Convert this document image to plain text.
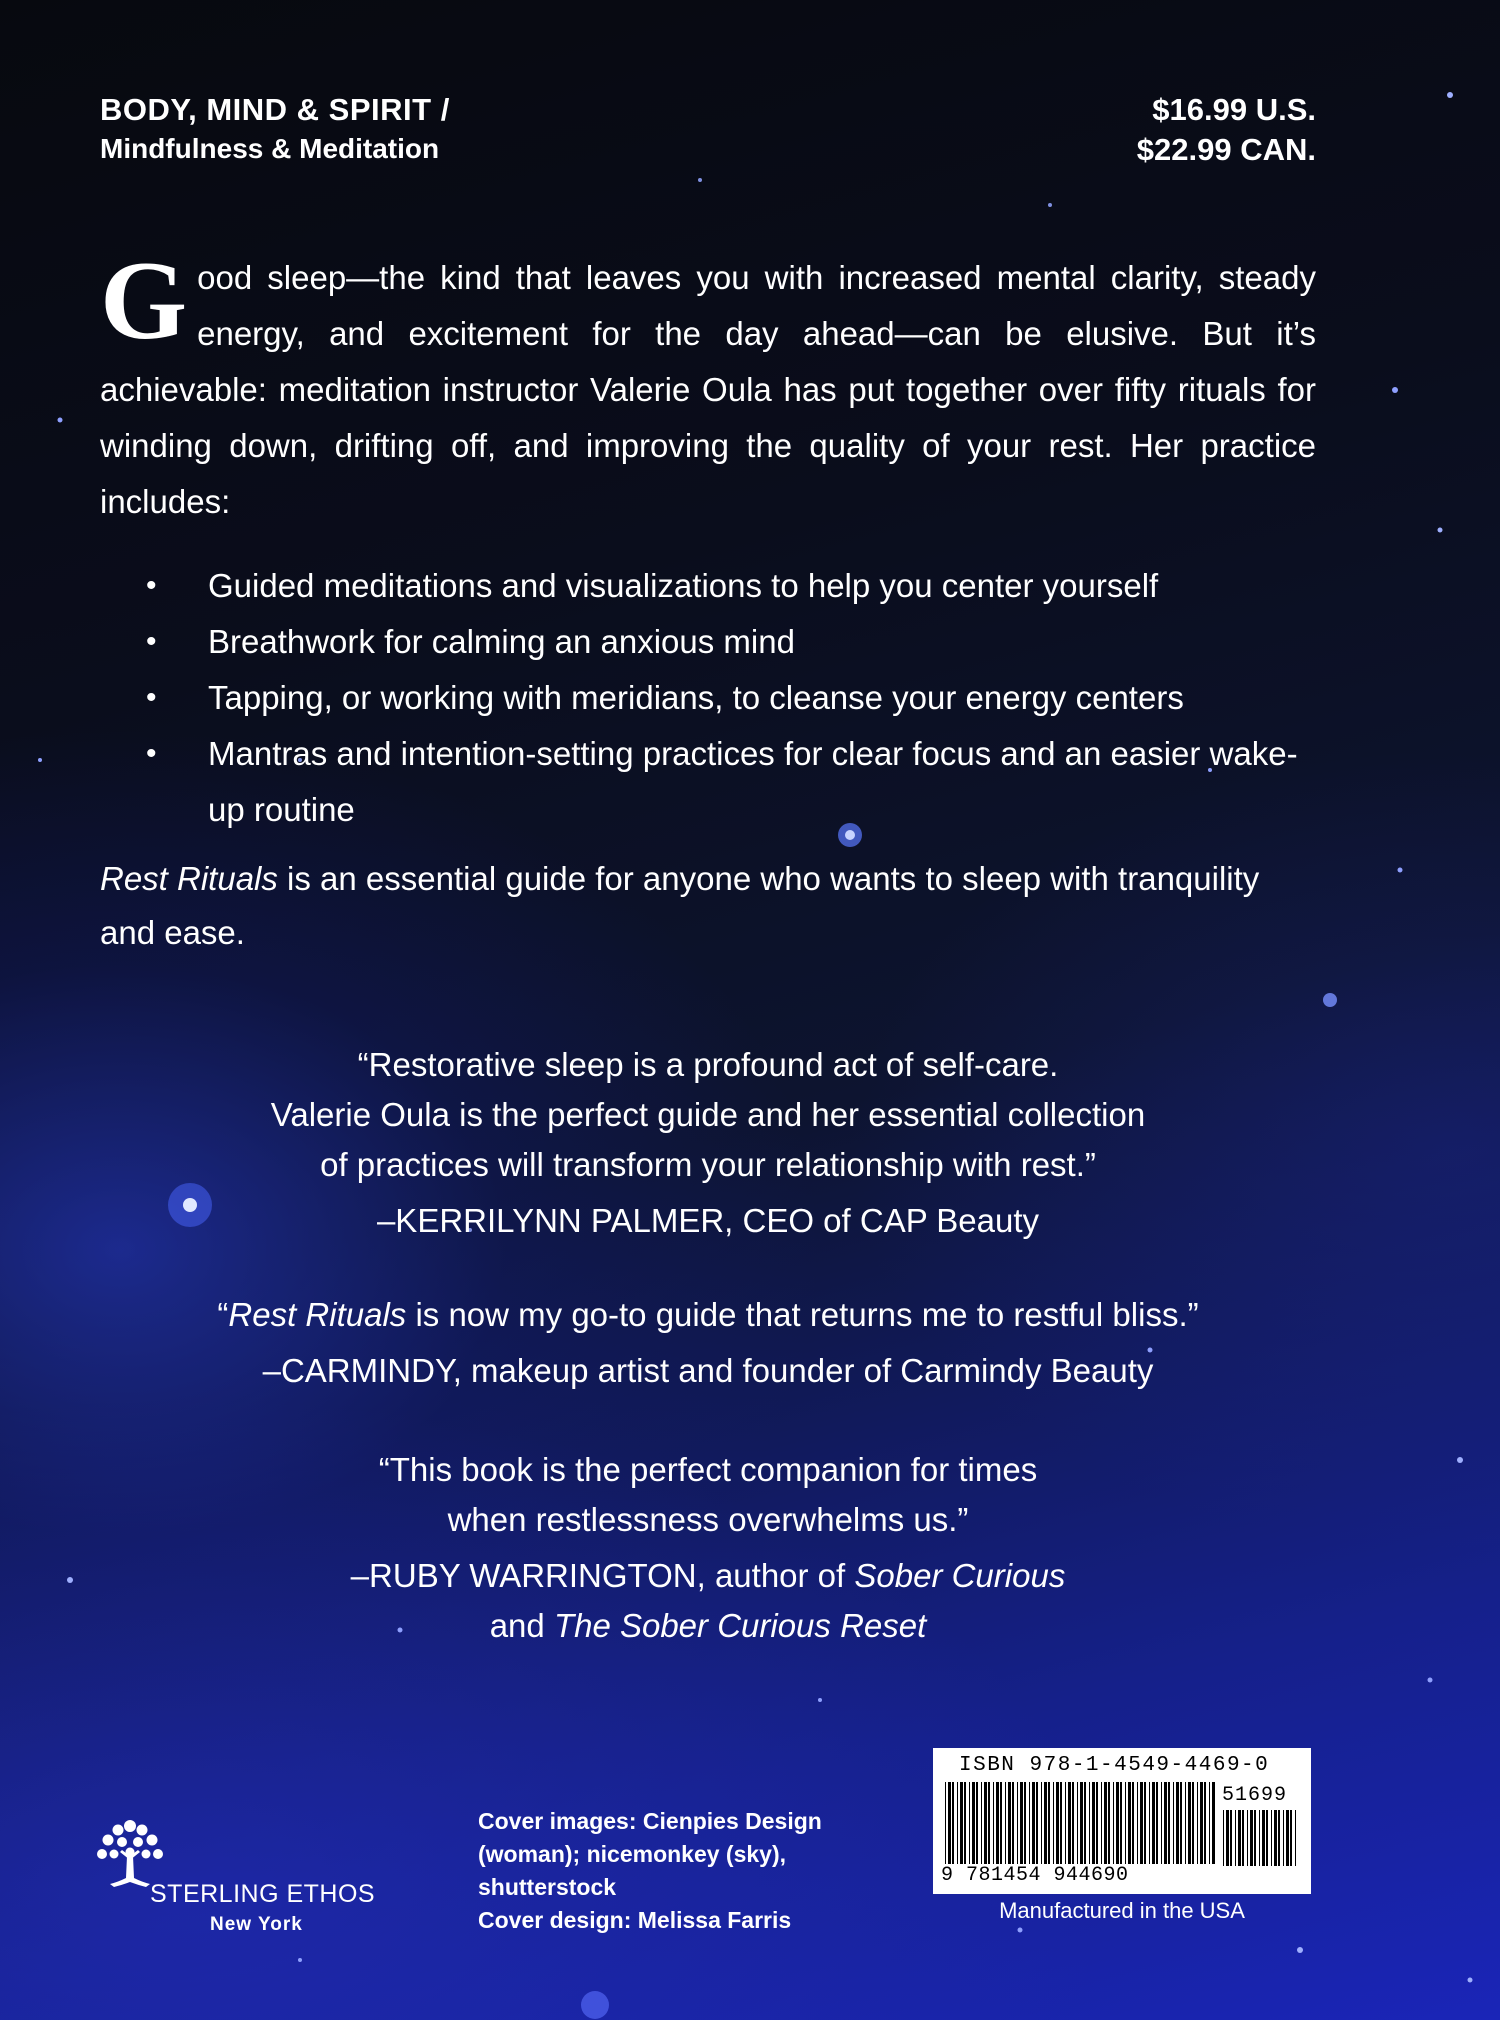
BODY, MIND & SPIRIT /
Mindfulness & Meditation
$16.99 U.S.
$22.99 CAN.
G ood sleep—the kind that leaves you with increased mental clarity, steady energy, and excitement for the day ahead—can be elusive. But it’s achievable: meditation instructor Valerie Oula has put together over fifty rituals for winding down, drifting off, and improving the quality of your rest. Her practice includes:
• Guided meditations and visualizations to help you center yourself
• Breathwork for calming an anxious mind
• Tapping, or working with meridians, to cleanse your energy centers
• Mantras and intention-setting practices for clear focus and an easier wake-up routine
Rest Rituals is an essential guide for anyone who wants to sleep with tranquility and ease.
“Restorative sleep is a profound act of self-care.
Valerie Oula is the perfect guide and her essential collection
of practices will transform your relationship with rest.”
–KERRILYNN PALMER, CEO of CAP Beauty
“Rest Rituals is now my go-to guide that returns me to restful bliss.”
–CARMINDY, makeup artist and founder of Carmindy Beauty
“This book is the perfect companion for times
when restlessness overwhelms us.”
–RUBY WARRINGTON, author of Sober Curious
and The Sober Curious Reset
STERLING ETHOS
New York
Cover images: Cienpies Design
(woman); nicemonkey (sky),
shutterstock
Cover design: Melissa Farris
ISBN 978-1-4549-4469-0
51699
9 781454 944690
Manufactured in the USA
